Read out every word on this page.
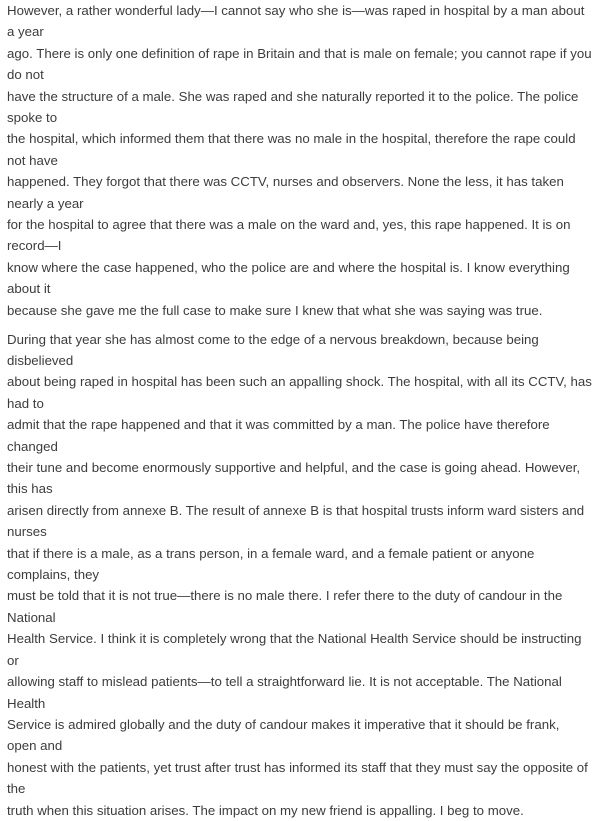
However, a rather wonderful lady—I cannot say who she is—was raped in hospital by a man about a year
ago. There is only one definition of rape in Britain and that is male on female; you cannot rape if you do not
have the structure of a male. She was raped and she naturally reported it to the police. The police spoke to
the hospital, which informed them that there was no male in the hospital, therefore the rape could not have
happened. They forgot that there was CCTV, nurses and observers. None the less, it has taken nearly a year
for the hospital to agree that there was a male on the ward and, yes, this rape happened. It is on record—I
know where the case happened, who the police are and where the hospital is. I know everything about it
because she gave me the full case to make sure I knew that what she was saying was true.

During that year she has almost come to the edge of a nervous breakdown, because being disbelieved
about being raped in hospital has been such an appalling shock. The hospital, with all its CCTV, has had to
admit that the rape happened and that it was committed by a man. The police have therefore changed
their tune and become enormously supportive and helpful, and the case is going ahead. However, this has
arisen directly from annexe B. The result of annexe B is that hospital trusts inform ward sisters and nurses
that if there is a male, as a trans person, in a female ward, and a female patient or anyone complains, they
must be told that it is not true—there is no male there. I refer there to the duty of candour in the National
Health Service. I think it is completely wrong that the National Health Service should be instructing or
allowing staff to mislead patients—to tell a straightforward lie. It is not acceptable. The National Health
Service is admired globally and the duty of candour makes it imperative that it should be frank, open and
honest with the patients, yet trust after trust has informed its staff that they must say the opposite of the
truth when this situation arises. The impact on my new friend is appalling. I beg to move.
